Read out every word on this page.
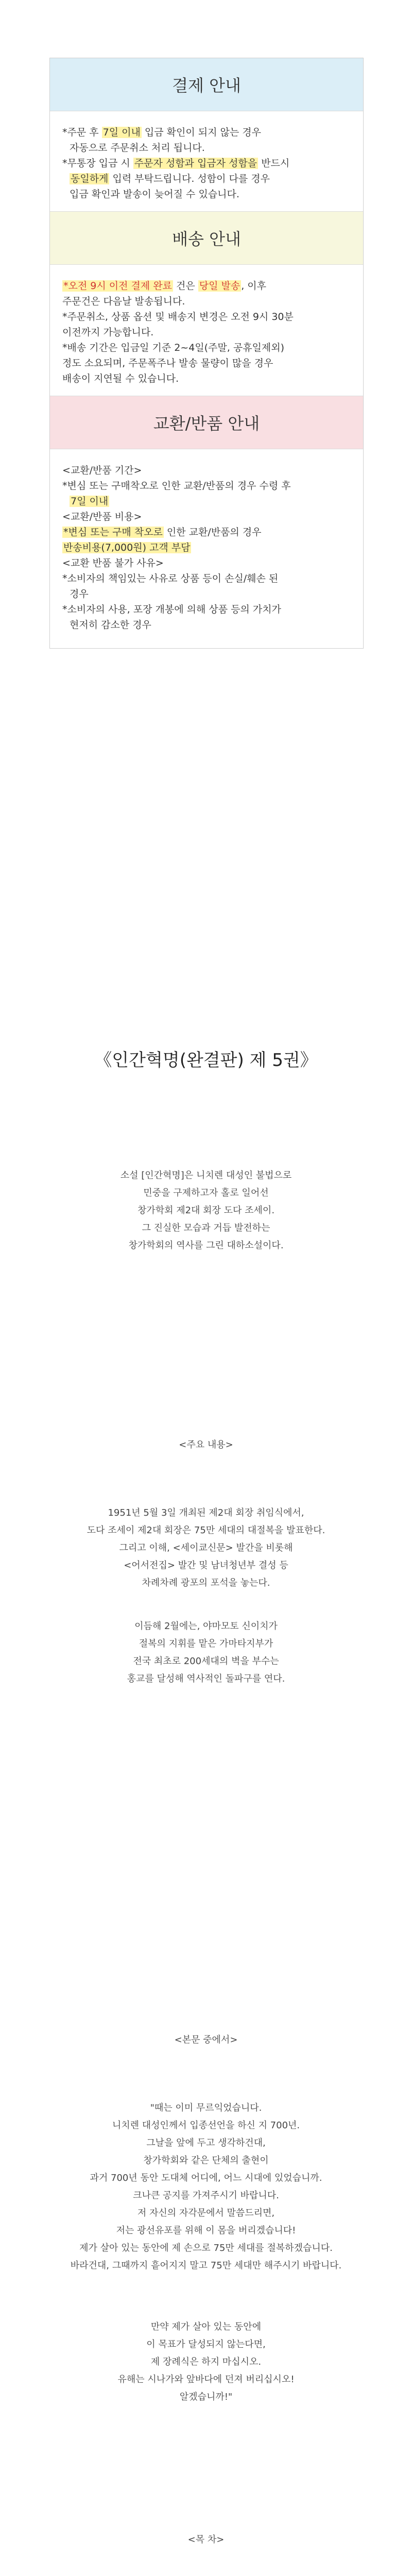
결제 안내

*주문 후 7일 이내 입금 확인이 되지 않는 경우

자동으로 주문취소 처리 됩니다.

*무통장 입금 시 주문자 성함과 입금자 성함을 반드시

동일하게 입력 부탁드립니다. 성함이 다를 경우

입금 확인과 발송이 늦어질 수 있습니다.

배송 안내

*오전 9시 이전 결제 완료 건은 당일 발송 , 이후

주문건은 다음날 발송됩니다.

*주문취소, 상품 옵션 및 배송지 변경은 오전 9시 30분

이전까지 가능합니다.

*배송 기간은 입금일 기준 2~4일(주말, 공휴일제외)

정도 소요되며, 주문폭주나 발송 물량이 많을 경우

배송이 지연될 수 있습니다.

교환/반품 안내

<교환/반품 기간>

*변심 또는 구매착오로 인한 교환/반품의 경우 수령 후

7일 이내

<교환/반품 비용>

*변심 또는 구매 착오로 인한 교환/반품의 경우

반송비용(7,000원) 고객 부담

<교환 반품 불가 사유>

*소비자의 책임있는 사유로 상품 등이 손실/훼손 된

경우

*소비자의 사용, 포장 개봉에 의해 상품 등의 가치가

현저히 감소한 경우

《인간혁명(완결판) 제 5권》

소설 [인간혁명]은 니치렌 대성인 불법으로

민중을 구제하고자 홀로 일어선

창가학회 제2대 회장 도다 조세이.

그 진실한 모습과 거듭 발전하는

창가학회의 역사를 그린 대하소설이다.

<주요 내용>

1951년 5월 3일 개최된 제2대 회장 취임식에서,

도다 조세이 제2대 회장은 75만 세대의 대절복을 발표한다.

그리고 이해, <세이쿄신문> 발간을 비롯해

<어서전집> 발간 및 남녀청년부 결성 등

차례차례 광포의 포석을 놓는다.

이듬해 2월에는, 야마모토 신이치가

절복의 지휘를 맡은 가마타지부가

전국 최초로 200세대의 벽을 부수는

홍교를 달성해 역사적인 돌파구를 연다.

<본문 중에서>

"때는 이미 무르익었습니다.

니치렌 대성인께서 입종선언을 하신 지 700년.

그날을 앞에 두고 생각하건대,

창가학회와 같은 단체의 출현이

과거 700년 동안 도대체 어디에, 어느 시대에 있었습니까.

크나큰 공지를 가져주시기 바랍니다.

저 자신의 자각문에서 말씀드리면,

저는 광선유포를 위해 이 몸을 버리겠습니다!

제가 살아 있는 동안에 제 손으로 75만 세대를 절복하겠습니다.

바라건대, 그때까지 흩어지지 말고 75만 세대만 해주시기 바랍니다.

만약 제가 살아 있는 동안에

이 목표가 달성되지 않는다면,

제 장례식은 하지 마십시오.

유해는 시나가와 앞바다에 던져 버리십시오!

알겠습니까!"

<목 차>
